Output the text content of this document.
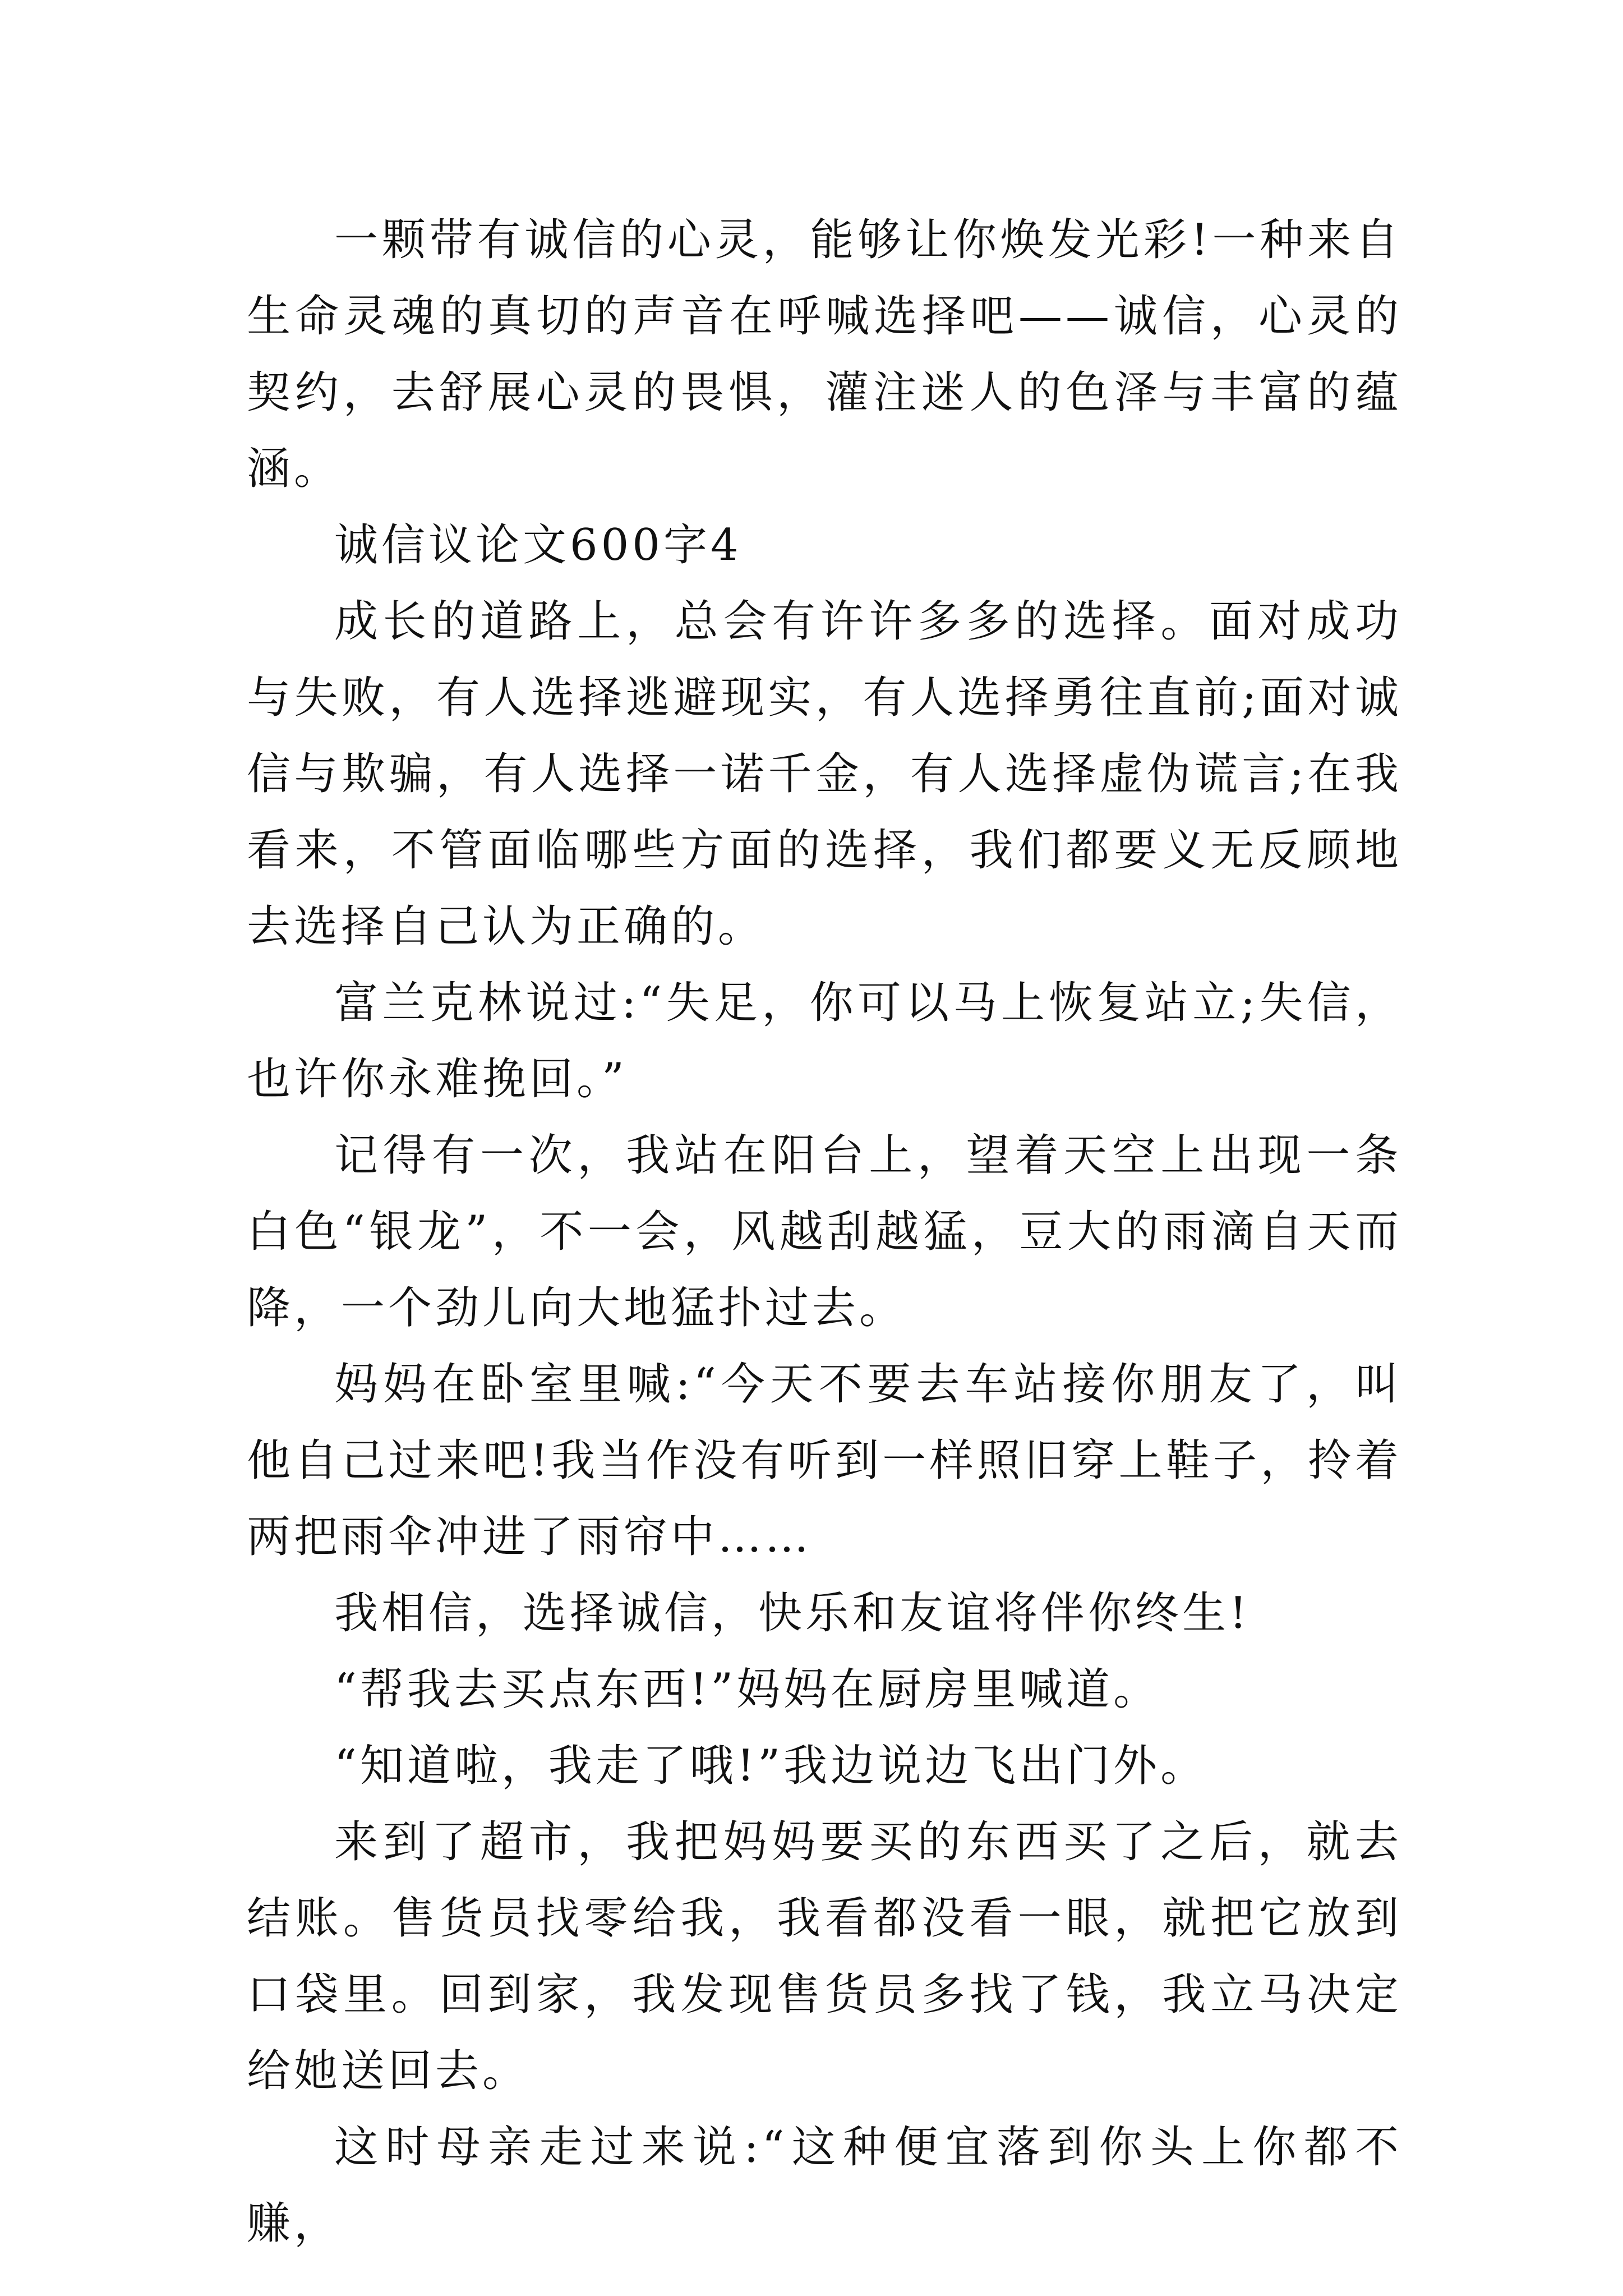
一颗带有诚信的心灵，能够让你焕发光彩!一种来自生命灵魂的真切的声音在呼喊选择吧——诚信，心灵的契约，去舒展心灵的畏惧，灌注迷人的色泽与丰富的蕴涵。

诚信议论文600字4

成长的道路上，总会有许许多多的选择。面对成功与失败，有人选择逃避现实，有人选择勇往直前;面对诚信与欺骗，有人选择一诺千金，有人选择虚伪谎言;在我看来，不管面临哪些方面的选择，我们都要义无反顾地去选择自己认为正确的。

富兰克林说过:“失足，你可以马上恢复站立;失信，也许你永难挽回。”

记得有一次，我站在阳台上，望着天空上出现一条白色“银龙”，不一会，风越刮越猛，豆大的雨滴自天而降，一个劲儿向大地猛扑过去。

妈妈在卧室里喊:“今天不要去车站接你朋友了，叫他自己过来吧!我当作没有听到一样照旧穿上鞋子，拎着两把雨伞冲进了雨帘中……

我相信，选择诚信，快乐和友谊将伴你终生!

“帮我去买点东西!”妈妈在厨房里喊道。

“知道啦，我走了哦!”我边说边飞出门外。

来到了超市，我把妈妈要买的东西买了之后，就去结账。售货员找零给我，我看都没看一眼，就把它放到口袋里。回到家，我发现售货员多找了钱，我立马决定给她送回去。

这时母亲走过来说:“这种便宜落到你头上你都不赚，
